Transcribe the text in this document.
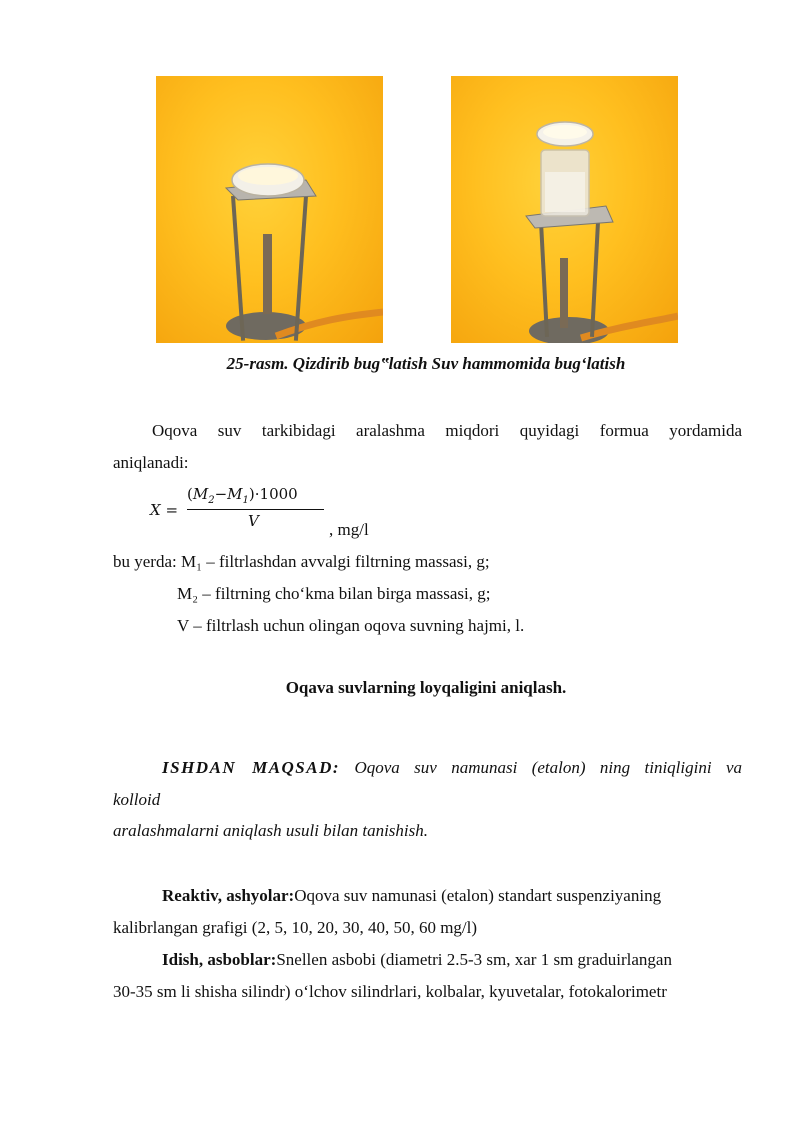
25-rasm. Qizdirib bug‟latish Suv hammomida bug‘latish
Oqova suv tarkibidagi aralashma miqdori quyidagi formua yordamida
aniqlanadi:
X =
$(M_2-M_1)\cdot 1000$
V	, mg/l
bu yerda: M₁ – filtrlashdan avvalgi filtrning massasi, g;
M₂ – filtrning cho‘kma bilan birga massasi, g;
V – filtrlash uchun olingan oqova suvning hajmi, l.
Oqava suvlarning loyqaligini aniqlash.
ISHDAN MAQSAD: Oqova suv namunasi (etalon) ning tiniqligini va
kolloid
aralashmalarni aniqlash usuli bilan tanishish.
Reaktiv, ashyolar:Oqova suv namunasi (etalon) standart suspenziyaning
kalibrlangan grafigi (2, 5, 10, 20, 30, 40, 50, 60 mg/l)
Idish, asboblar:Snellen asbobi (diametri 2.5-3 sm, xar 1 sm graduirlangan
30-35 sm li shisha silindr) o‘lchov silindrlari, kolbalar, kyuvetalar, fotokalorimetr
